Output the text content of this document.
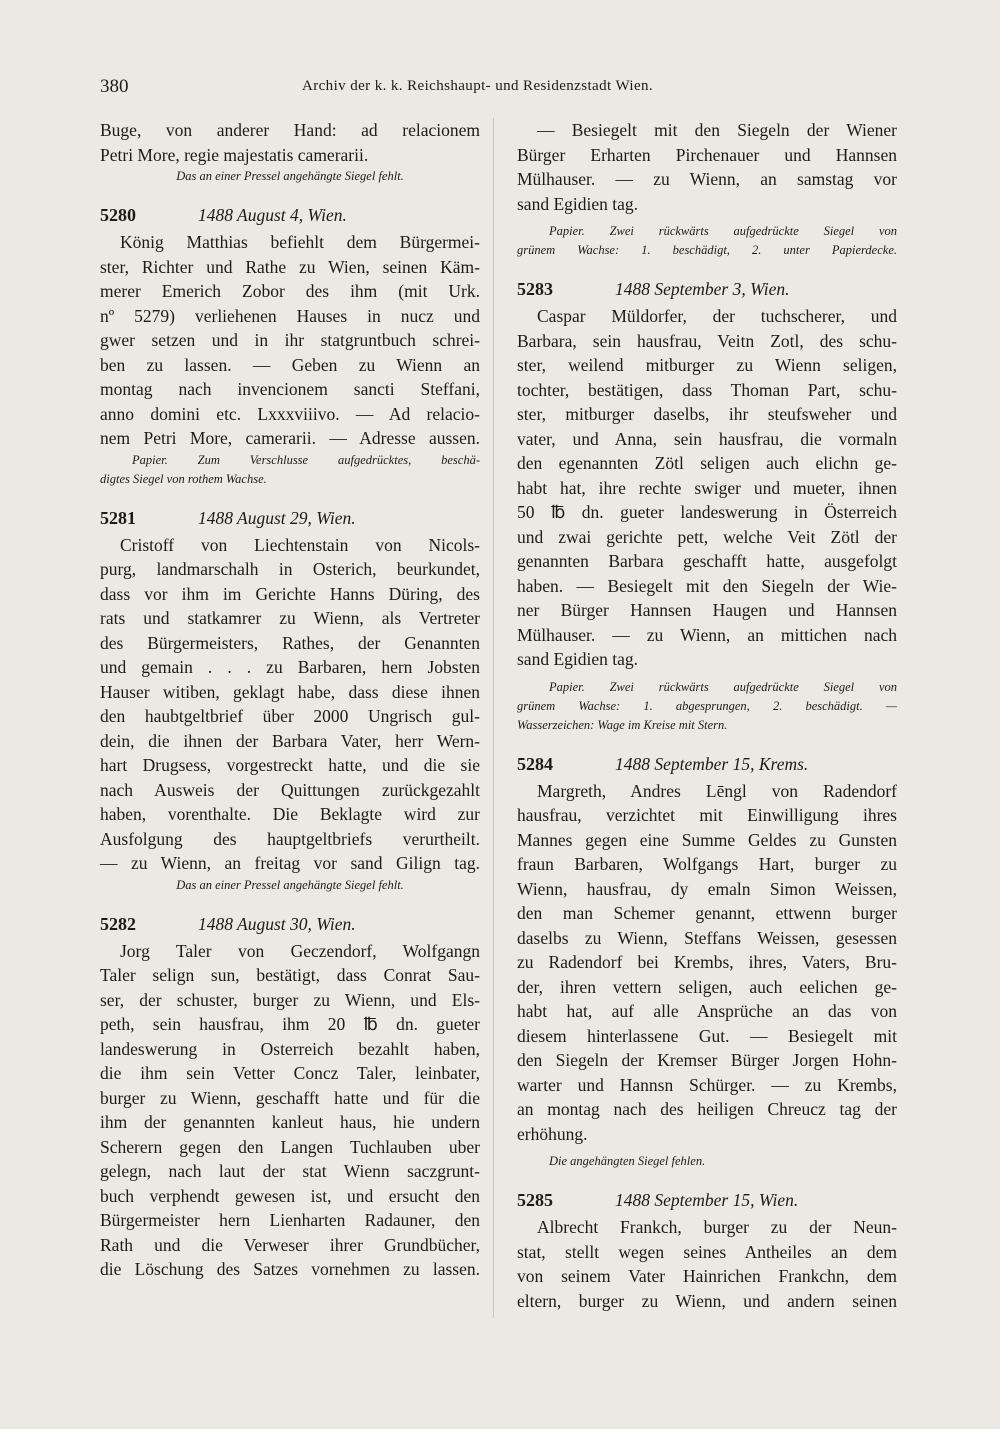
380	Archiv der k. k. Reichshaupt- und Residenzstadt Wien.
Buge, von anderer Hand: ad relacionem
Petri More, regie majestatis camerarii.
Das an einer Pressel angehängte Siegel fehlt.
5280	1488 August 4, Wien.
König Matthias befiehlt dem Bürgermei-
ster, Richter und Rathe zu Wien, seinen Käm-
merer Emerich Zobor des ihm (mit Urk.
nº 5279) verliehenen Hauses in nucz und
gwer setzen und in ihr statgruntbuch schrei-
ben zu lassen. — Geben zu Wienn an
montag nach invencionem sancti Steffani,
anno domini etc. Lxxxviiivo. — Ad relacio-
nem Petri More, camerarii. — Adresse aussen.
Papier. Zum Verschlusse aufgedrücktes, beschä-
digtes Siegel von rothem Wachse.
5281	1488 August 29, Wien.
Cristoff von Liechtenstain von Nicols-
purg, landmarschalh in Osterich, beurkundet,
dass vor ihm im Gerichte Hanns Düring, des
rats und statkamrer zu Wienn, als Vertreter
des Bürgermeisters, Rathes, der Genannten
und gemain . . . zu Barbaren, hern Jobsten
Hauser witiben, geklagt habe, dass diese ihnen
den haubtgeltbrief über 2000 Ungrisch gul-
dein, die ihnen der Barbara Vater, herr Wern-
hart Drugsess, vorgestreckt hatte, und die sie
nach Ausweis der Quittungen zurückgezahlt
haben, vorenthalte. Die Beklagte wird zur
Ausfolgung des hauptgeltbriefs verurtheilt.
— zu Wienn, an freitag vor sand Gilign tag.
Das an einer Pressel angehängte Siegel fehlt.
5282	1488 August 30, Wien.
Jorg Taler von Geczendorf, Wolfgangn
Taler selign sun, bestätigt, dass Conrat Sau-
ser, der schuster, burger zu Wienn, und Els-
peth, sein hausfrau, ihm 20 ℔ dn. gueter
landeswerung in Osterreich bezahlt haben,
die ihm sein Vetter Concz Taler, leinbater,
burger zu Wienn, geschafft hatte und für die
ihm der genannten kanleut haus, hie undern
Scherern gegen den Langen Tuchlauben uber
gelegn, nach laut der stat Wienn saczgrunt-
buch verphendt gewesen ist, und ersucht den
Bürgermeister hern Lienharten Radauner, den
Rath und die Verweser ihrer Grundbücher,
die Löschung des Satzes vornehmen zu lassen.
— Besiegelt mit den Siegeln der Wiener
Bürger Erharten Pirchenauer und Hannsen
Mülhauser. — zu Wienn, an samstag vor
sand Egidien tag.
Papier. Zwei rückwärts aufgedrückte Siegel von
grünem Wachse: 1. beschädigt, 2. unter Papierdecke.
5283	1488 September 3, Wien.
Caspar Müldorfer, der tuchscherer, und
Barbara, sein hausfrau, Veitn Zotl, des schu-
ster, weilend mitburger zu Wienn seligen,
tochter, bestätigen, dass Thoman Part, schu-
ster, mitburger daselbs, ihr steufsweher und
vater, und Anna, sein hausfrau, die vormaln
den egenannten Zötl seligen auch elichn ge-
habt hat, ihre rechte swiger und mueter, ihnen
50 ℔ dn. gueter landeswerung in Österreich
und zwai gerichte pett, welche Veit Zötl der
genannten Barbara geschafft hatte, ausgefolgt
haben. — Besiegelt mit den Siegeln der Wie-
ner Bürger Hannsen Haugen und Hannsen
Mülhauser. — zu Wienn, an mittichen nach
sand Egidien tag.
Papier. Zwei rückwärts aufgedrückte Siegel von
grünem Wachse: 1. abgesprungen, 2. beschädigt. —
Wasserzeichen: Wage im Kreise mit Stern.
5284	1488 September 15, Krems.
Margreth, Andres Lēngl von Radendorf
hausfrau, verzichtet mit Einwilligung ihres
Mannes gegen eine Summe Geldes zu Gunsten
fraun Barbaren, Wolfgangs Hart, burger zu
Wienn, hausfrau, dy emaln Simon Weissen,
den man Schemer genannt, ettwenn burger
daselbs zu Wienn, Steffans Weissen, gesessen
zu Radendorf bei Krembs, ihres, Vaters, Bru-
der, ihren vettern seligen, auch eelichen ge-
habt hat, auf alle Ansprüche an das von
diesem hinterlassene Gut. — Besiegelt mit
den Siegeln der Kremser Bürger Jorgen Hohn-
warter und Hannsn Schürger. — zu Krembs,
an montag nach des heiligen Chreucz tag der
erhöhung.
Die angehängten Siegel fehlen.
5285	1488 September 15, Wien.
Albrecht Frankch, burger zu der Neun-
stat, stellt wegen seines Antheiles an dem
von seinem Vater Hainrichen Frankchn, dem
eltern, burger zu Wienn, und andern seinen
